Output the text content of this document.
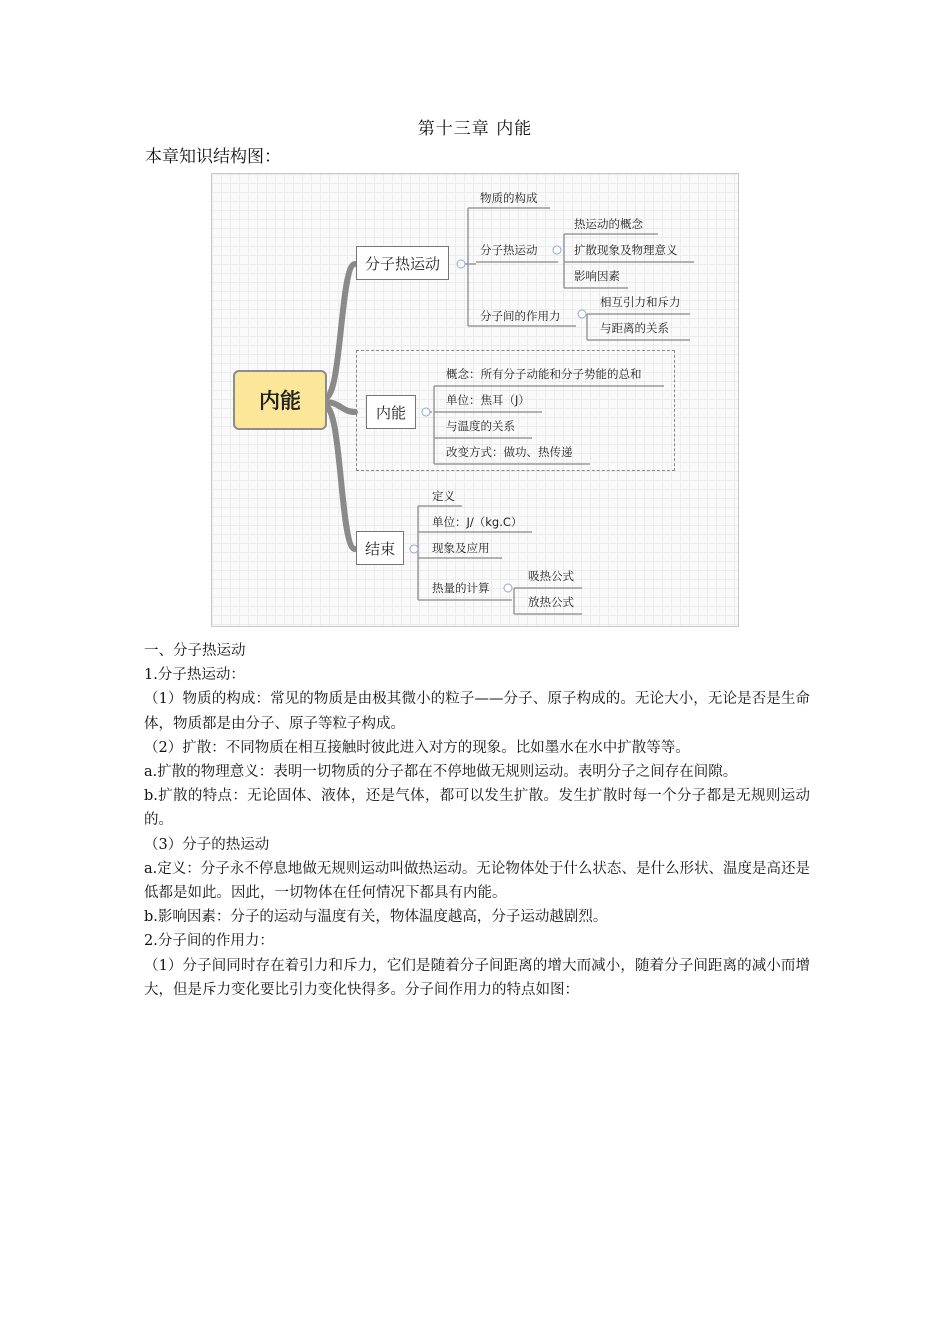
第十三章 内能
本章知识结构图：
内能
分子热运动
物质的构成
分子热运动
热运动的概念
扩散现象及物理意义
影响因素
分子间的作用力
相互引力和斥力
与距离的关系
内能
概念：所有分子动能和分子势能的总和
单位：焦耳（J）
与温度的关系
改变方式：做功、热传递
结束
定义
单位：J/（kg.C）
现象及应用
热量的计算
吸热公式
放热公式

一、分子热运动

1.分子热运动：

（1）物质的构成：常见的物质是由极其微小的粒子——分子、原子构成的。无论大小，无论是否是生命体，物质都是由分子、原子等粒子构成。

（2）扩散：不同物质在相互接触时彼此进入对方的现象。比如墨水在水中扩散等等。

a.扩散的物理意义：表明一切物质的分子都在不停地做无规则运动。表明分子之间存在间隙。

b.扩散的特点：无论固体、液体，还是气体，都可以发生扩散。发生扩散时每一个分子都是无规则运动的。

（3）分子的热运动

a.定义：分子永不停息地做无规则运动叫做热运动。无论物体处于什么状态、是什么形状、温度是高还是低都是如此。因此，一切物体在任何情况下都具有内能。

b.影响因素：分子的运动与温度有关，物体温度越高，分子运动越剧烈。

2.分子间的作用力：

（1）分子间同时存在着引力和斥力，它们是随着分子间距离的增大而减小，随着分子间距离的减小而增大，但是斥力变化要比引力变化快得多。分子间作用力的特点如图：
